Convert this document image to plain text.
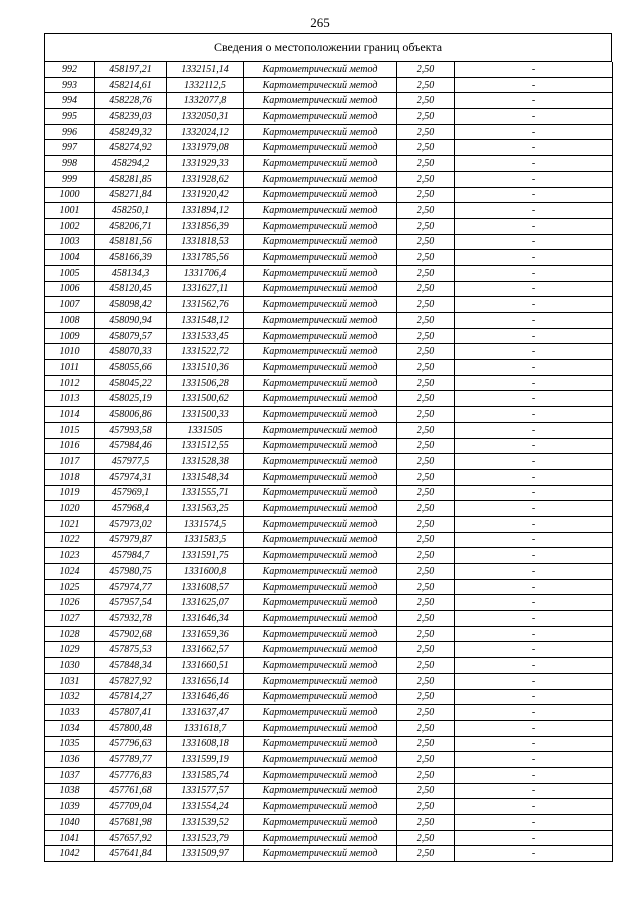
265
Сведения о местоположении границ объекта
992	458197,21	1332151,14	Картометрический метод	2,50	-
993	458214,61	1332112,5	Картометрический метод	2,50	-
994	458228,76	1332077,8	Картометрический метод	2,50	-
995	458239,03	1332050,31	Картометрический метод	2,50	-
996	458249,32	1332024,12	Картометрический метод	2,50	-
997	458274,92	1331979,08	Картометрический метод	2,50	-
998	458294,2	1331929,33	Картометрический метод	2,50	-
999	458281,85	1331928,62	Картометрический метод	2,50	-
1000	458271,84	1331920,42	Картометрический метод	2,50	-
1001	458250,1	1331894,12	Картометрический метод	2,50	-
1002	458206,71	1331856,39	Картометрический метод	2,50	-
1003	458181,56	1331818,53	Картометрический метод	2,50	-
1004	458166,39	1331785,56	Картометрический метод	2,50	-
1005	458134,3	1331706,4	Картометрический метод	2,50	-
1006	458120,45	1331627,11	Картометрический метод	2,50	-
1007	458098,42	1331562,76	Картометрический метод	2,50	-
1008	458090,94	1331548,12	Картометрический метод	2,50	-
1009	458079,57	1331533,45	Картометрический метод	2,50	-
1010	458070,33	1331522,72	Картометрический метод	2,50	-
1011	458055,66	1331510,36	Картометрический метод	2,50	-
1012	458045,22	1331506,28	Картометрический метод	2,50	-
1013	458025,19	1331500,62	Картометрический метод	2,50	-
1014	458006,86	1331500,33	Картометрический метод	2,50	-
1015	457993,58	1331505	Картометрический метод	2,50	-
1016	457984,46	1331512,55	Картометрический метод	2,50	-
1017	457977,5	1331528,38	Картометрический метод	2,50	-
1018	457974,31	1331548,34	Картометрический метод	2,50	-
1019	457969,1	1331555,71	Картометрический метод	2,50	-
1020	457968,4	1331563,25	Картометрический метод	2,50	-
1021	457973,02	1331574,5	Картометрический метод	2,50	-
1022	457979,87	1331583,5	Картометрический метод	2,50	-
1023	457984,7	1331591,75	Картометрический метод	2,50	-
1024	457980,75	1331600,8	Картометрический метод	2,50	-
1025	457974,77	1331608,57	Картометрический метод	2,50	-
1026	457957,54	1331625,07	Картометрический метод	2,50	-
1027	457932,78	1331646,34	Картометрический метод	2,50	-
1028	457902,68	1331659,36	Картометрический метод	2,50	-
1029	457875,53	1331662,57	Картометрический метод	2,50	-
1030	457848,34	1331660,51	Картометрический метод	2,50	-
1031	457827,92	1331656,14	Картометрический метод	2,50	-
1032	457814,27	1331646,46	Картометрический метод	2,50	-
1033	457807,41	1331637,47	Картометрический метод	2,50	-
1034	457800,48	1331618,7	Картометрический метод	2,50	-
1035	457796,63	1331608,18	Картометрический метод	2,50	-
1036	457789,77	1331599,19	Картометрический метод	2,50	-
1037	457776,83	1331585,74	Картометрический метод	2,50	-
1038	457761,68	1331577,57	Картометрический метод	2,50	-
1039	457709,04	1331554,24	Картометрический метод	2,50	-
1040	457681,98	1331539,52	Картометрический метод	2,50	-
1041	457657,92	1331523,79	Картометрический метод	2,50	-
1042	457641,84	1331509,97	Картометрический метод	2,50	-
